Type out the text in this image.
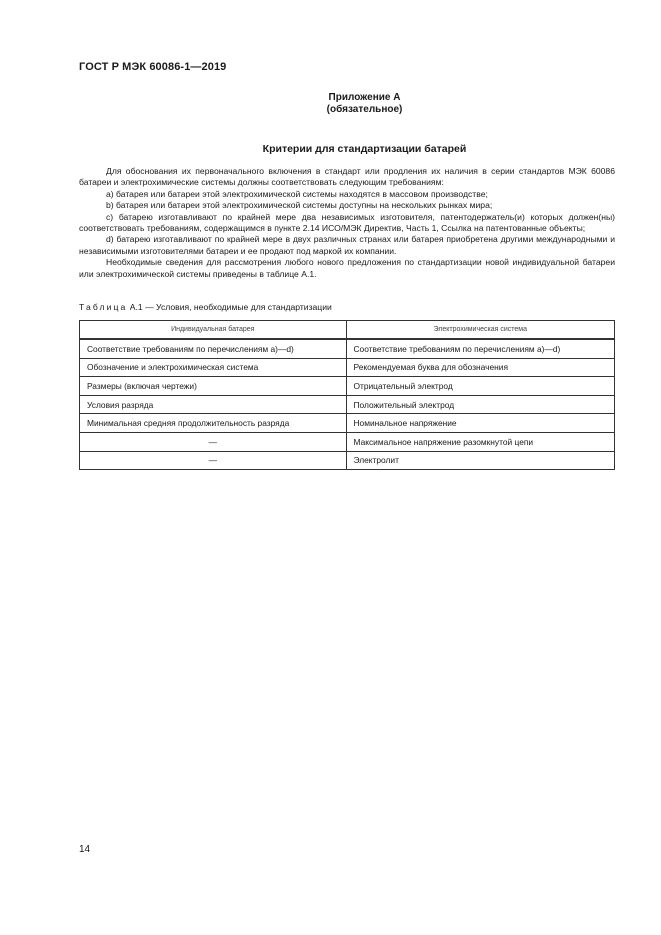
ГОСТ Р МЭК 60086-1—2019
Приложение А
(обязательное)
Критерии для стандартизации батарей

Для обоснования их первоначального включения в стандарт или продления их наличия в серии стандартов МЭК 60086 батареи и электрохимические системы должны соответствовать следующим требованиям:

a) батарея или батареи этой электрохимической системы находятся в массовом производстве;

b) батарея или батареи этой электрохимической системы доступны на нескольких рынках мира;

c) батарею изготавливают по крайней мере два независимых изготовителя, патентодержатель(и) которых должен(ны) соответствовать требованиям, содержащимся в пункте 2.14 ИСО/МЭК Директив, Часть 1, Ссылка на патентованные объекты;

d) батарею изготавливают по крайней мере в двух различных странах или батарея приобретена другими международными и независимыми изготовителями батареи и ее продают под маркой их компании.

Необходимые сведения для рассмотрения любого нового предложения по стандартизации новой индивидуальной батареи или электрохимической системы приведены в таблице А.1.

Таблица А.1 — Условия, необходимые для стандартизации
Индивидуальная батарея	Электрохимическая система
Соответствие требованиям по перечислениям а)—d)	Соответствие требованиям по перечислениям а)—d)
Обозначение и электрохимическая система	Рекомендуемая буква для обозначения
Размеры (включая чертежи)	Отрицательный электрод
Условия разряда	Положительный электрод
Минимальная средняя продолжительность разряда	Номинальное напряжение
—	Максимальное напряжение разомкнутой цепи
—	Электролит
14
